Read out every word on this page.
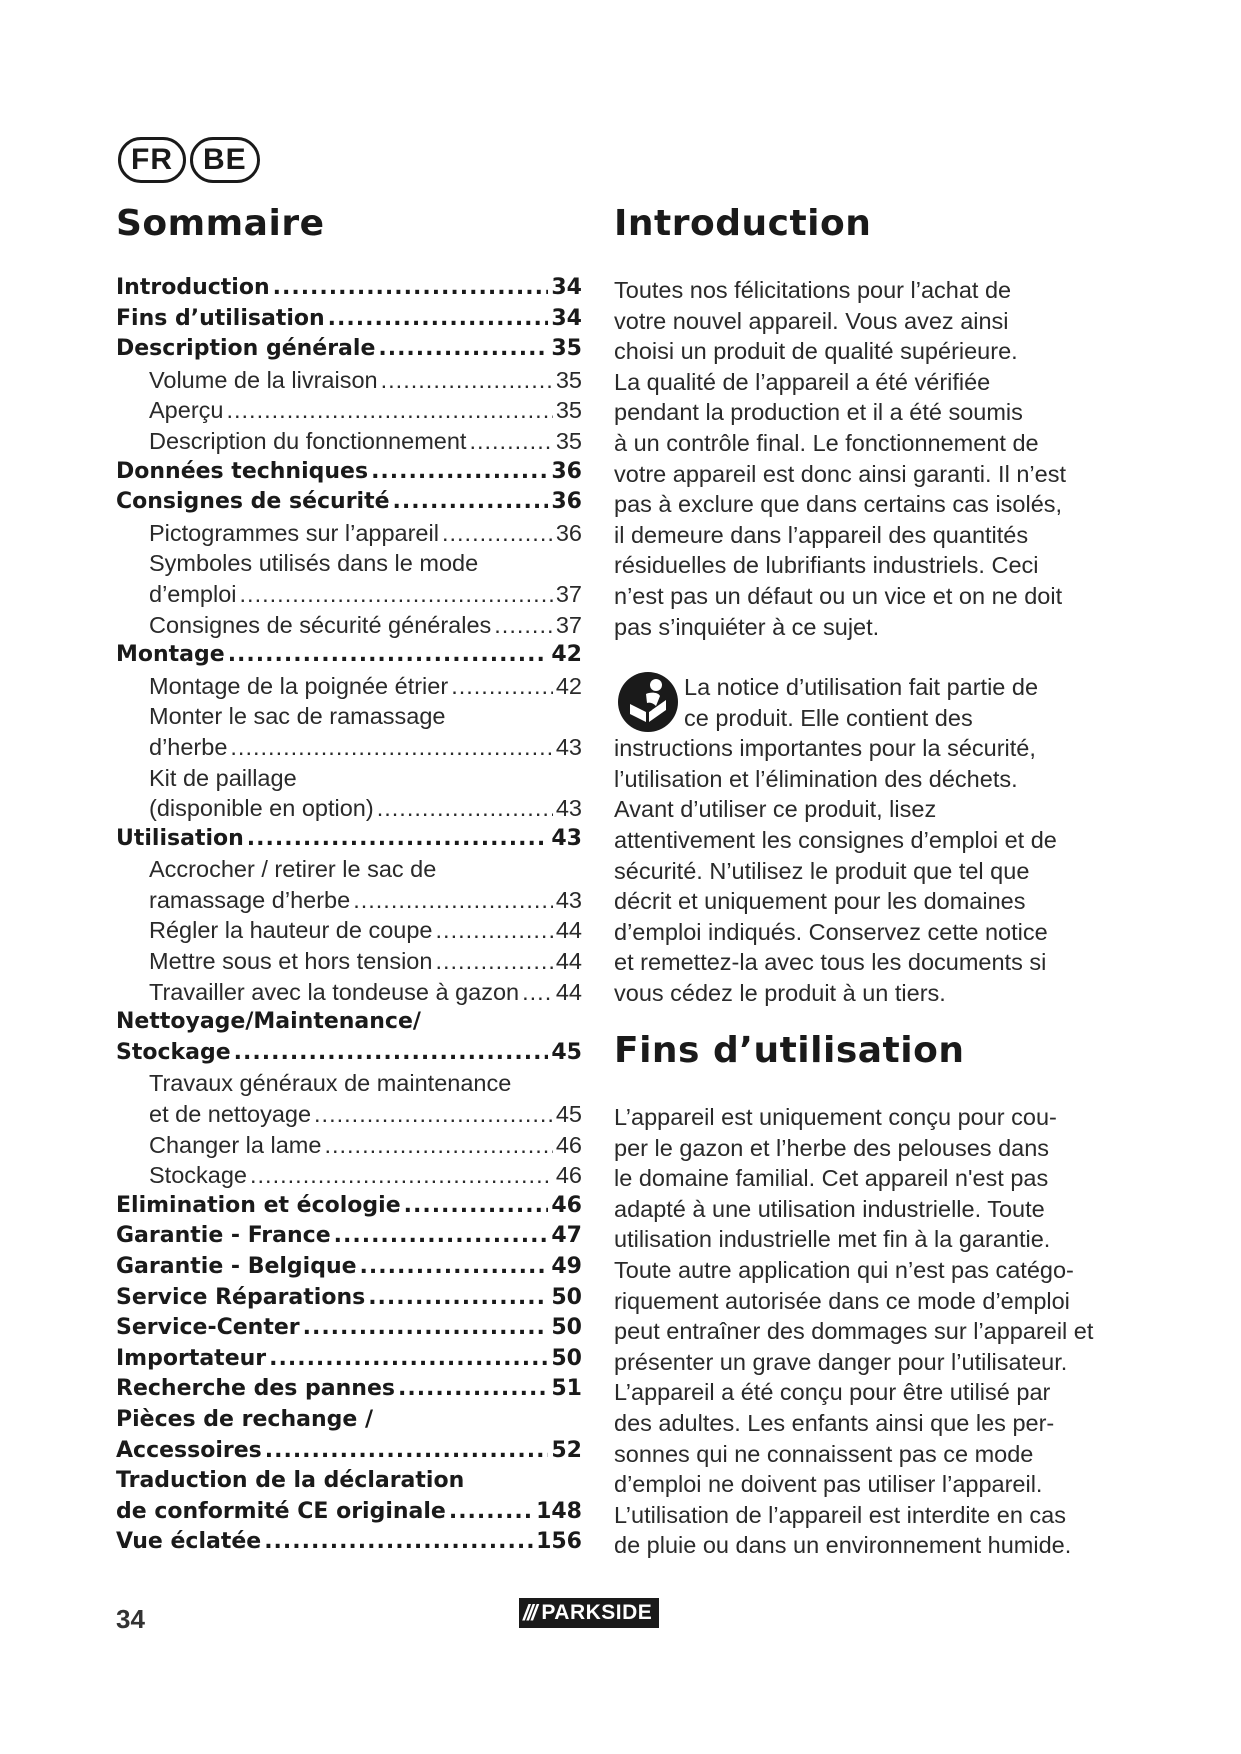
FR	BE
Sommaire
Introduction .....	34
Fins d’utilisation .....	34
Description générale .....	35
Volume de la livraison .....	35
Aperçu .....	35
Description du fonctionnement .....	35
Données techniques .....	36
Consignes de sécurité .....	36
Pictogrammes sur l’appareil .....	36
Symboles utilisés dans le mode
d’emploi .....	37
Consignes de sécurité générales .....	37
Montage .....	42
Montage de la poignée étrier .....	42
Monter le sac de ramassage
d’herbe .....	43
Kit de paillage
(disponible en option) .....	43
Utilisation .....	43
Accrocher / retirer le sac de
ramassage d’herbe .....	43
Régler la hauteur de coupe .....	44
Mettre sous et hors tension .....	44
Travailler avec la tondeuse à gazon ..... 44
Nettoyage/Maintenance/
Stockage .....	45
Travaux généraux de maintenance
et de nettoyage .....	45
Changer la lame .....	46
Stockage .....	46
Elimination et écologie .....	46
Garantie - France .....	47
Garantie - Belgique .....	49
Service Réparations .....	50
Service-Center .....	50
Importateur .....	50
Recherche des pannes .....	51
Pièces de rechange /
Accessoires .....	52
Traduction de la déclaration
de conformité CE originale .....	148
Vue éclatée .....	156
Introduction
Toutes nos félicitations pour l’achat de
votre nouvel appareil. Vous avez ainsi
choisi un produit de qualité supérieure.
La qualité de l’appareil a été vérifiée
pendant la production et il a été soumis
à un contrôle final. Le fonctionnement de
votre appareil est donc ainsi garanti. Il n’est
pas à exclure que dans certains cas isolés,
il demeure dans l’appareil des quantités
résiduelles de lubrifiants industriels. Ceci
n’est pas un défaut ou un vice et on ne doit
pas s’inquiéter à ce sujet.
La notice d’utilisation fait partie de
ce produit. Elle contient des
instructions importantes pour la sécurité,
l’utilisation et l’élimination des déchets.
Avant d’utiliser ce produit, lisez
attentivement les consignes d’emploi et de
sécurité. N’utilisez le produit que tel que
décrit et uniquement pour les domaines
d’emploi indiqués. Conservez cette notice
et remettez-la avec tous les documents si
vous cédez le produit à un tiers.
Fins d’utilisation
L’appareil est uniquement conçu pour cou-
per le gazon et l’herbe des pelouses dans
le domaine familial. Cet appareil n'est pas
adapté à une utilisation industrielle. Toute
utilisation industrielle met fin à la garantie.
Toute autre application qui n’est pas catégo-
riquement autorisée dans ce mode d’emploi
peut entraîner des dommages sur l’appareil et
présenter un grave danger pour l’utilisateur.
L’appareil a été conçu pour être utilisé par
des adultes. Les enfants ainsi que les per-
sonnes qui ne connaissent pas ce mode
d’emploi ne doivent pas utiliser l’appareil.
L’utilisation de l’appareil est interdite en cas
de pluie ou dans un environnement humide.
34	/// PARKSIDE
